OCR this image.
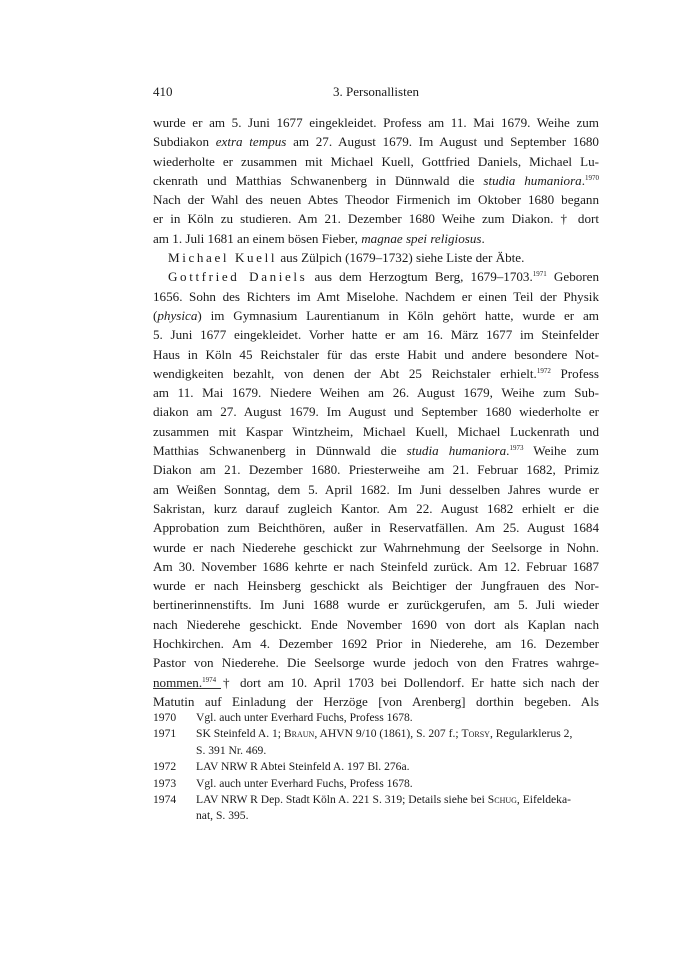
410	3. Personallisten

wurde er am 5. Juni 1677 eingekleidet. Profess am 11. Mai 1679. Weihe zum
Subdiakon extra tempus am 27. August 1679. Im August und September 1680
wiederholte er zusammen mit Michael Kuell, Gottfried Daniels, Michael Lu-
ckenrath und Matthias Schwanenberg in Dünnwald die studia humaniora.$^{1970}$
Nach der Wahl des neuen Abtes Theodor Firmenich im Oktober 1680 begann
er in Köln zu studieren. Am 21. Dezember 1680 Weihe zum Diakon. † dort
am 1. Juli 1681 an einem bösen Fieber, magnae spei religiosus.

Michael Kuell aus Zülpich (1679–1732) siehe Liste der Äbte.

Gottfried Daniels aus dem Herzogtum Berg, 1679–1703.$^{1971}$ Geboren
1656. Sohn des Richters im Amt Miselohe. Nachdem er einen Teil der Physik
(physica) im Gymnasium Laurentianum in Köln gehört hatte, wurde er am
5. Juni 1677 eingekleidet. Vorher hatte er am 16. März 1677 im Steinfelder
Haus in Köln 45 Reichstaler für das erste Habit und andere besondere Not-
wendigkeiten bezahlt, von denen der Abt 25 Reichstaler erhielt.$^{1972}$ Profess
am 11. Mai 1679. Niedere Weihen am 26. August 1679, Weihe zum Sub-
diakon am 27. August 1679. Im August und September 1680 wiederholte er
zusammen mit Kaspar Wintzheim, Michael Kuell, Michael Luckenrath und
Matthias Schwanenberg in Dünnwald die studia humaniora.$^{1973}$ Weihe zum
Diakon am 21. Dezember 1680. Priesterweihe am 21. Februar 1682, Primiz
am Weißen Sonntag, dem 5. April 1682. Im Juni desselben Jahres wurde er
Sakristan, kurz darauf zugleich Kantor. Am 22. August 1682 erhielt er die
Approbation zum Beichthören, außer in Reservatfällen. Am 25. August 1684
wurde er nach Niederehe geschickt zur Wahrnehmung der Seelsorge in Nohn.
Am 30. November 1686 kehrte er nach Steinfeld zurück. Am 12. Februar 1687
wurde er nach Heinsberg geschickt als Beichtiger der Jungfrauen des Nor-
bertinerinnenstifts. Im Juni 1688 wurde er zurückgerufen, am 5. Juli wieder
nach Niederehe geschickt. Ende November 1690 von dort als Kaplan nach
Hochkirchen. Am 4. Dezember 1692 Prior in Niederehe, am 16. Dezember
Pastor von Niederehe. Die Seelsorge wurde jedoch von den Fratres wahrge-
nommen.$^{1974}$ † dort am 10. April 1703 bei Dollendorf. Er hatte sich nach der
Matutin auf Einladung der Herzöge [von Arenberg] dorthin begeben. Als

1970 Vgl. auch unter Everhard Fuchs, Profess 1678.
1971 SK Steinfeld A. 1; Braun, AHVN 9/10 (1861), S. 207 f.; Torsy, Regularklerus 2,
S. 391 Nr. 469.
1972 LAV NRW R Abtei Steinfeld A. 197 Bl. 276a.
1973 Vgl. auch unter Everhard Fuchs, Profess 1678.
1974 LAV NRW R Dep. Stadt Köln A. 221 S. 319; Details siehe bei Schug, Eifeldeka-
nat, S. 395.
